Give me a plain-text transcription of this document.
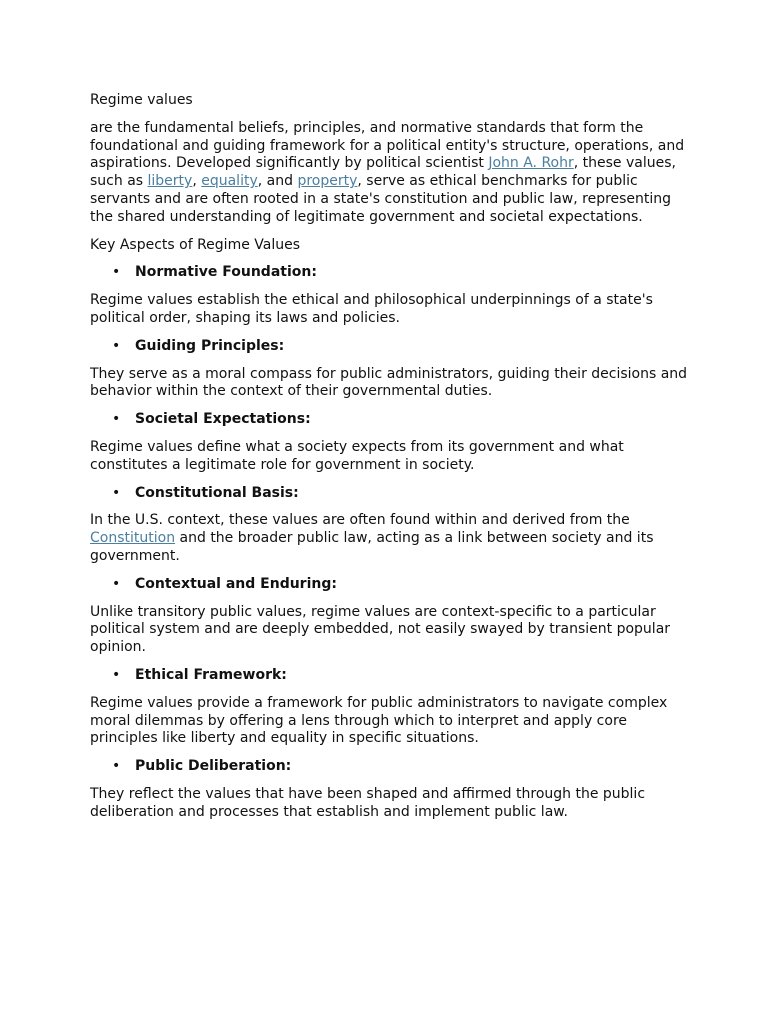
Regime values

are the fundamental beliefs, principles, and normative standards that form the foundational and guiding framework for a political entity's structure, operations, and aspirations. Developed significantly by political scientist John A. Rohr, these values, such as liberty, equality, and property, serve as ethical benchmarks for public servants and are often rooted in a state's constitution and public law, representing the shared understanding of legitimate government and societal expectations.

Key Aspects of Regime Values

• Normative Foundation:

Regime values establish the ethical and philosophical underpinnings of a state's political order, shaping its laws and policies.

• Guiding Principles:

They serve as a moral compass for public administrators, guiding their decisions and behavior within the context of their governmental duties.

• Societal Expectations:

Regime values define what a society expects from its government and what constitutes a legitimate role for government in society.

• Constitutional Basis:

In the U.S. context, these values are often found within and derived from the Constitution and the broader public law, acting as a link between society and its government.

• Contextual and Enduring:

Unlike transitory public values, regime values are context-specific to a particular political system and are deeply embedded, not easily swayed by transient popular opinion.

• Ethical Framework:

Regime values provide a framework for public administrators to navigate complex moral dilemmas by offering a lens through which to interpret and apply core principles like liberty and equality in specific situations.

• Public Deliberation:

They reflect the values that have been shaped and affirmed through the public deliberation and processes that establish and implement public law.
